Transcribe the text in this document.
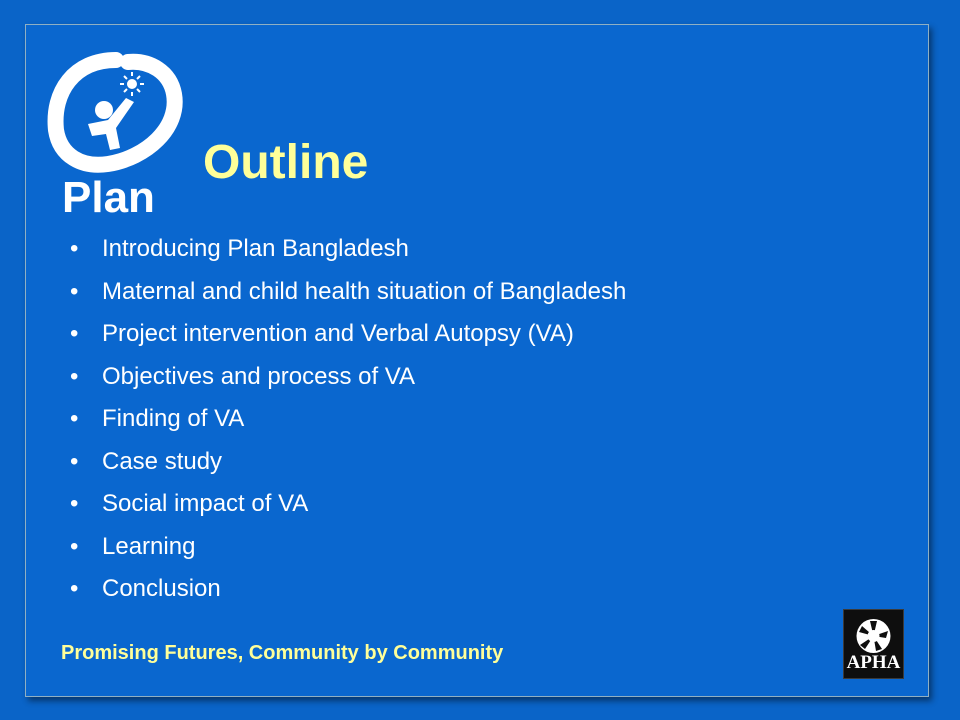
Plan
Outline
• Introducing Plan Bangladesh
• Maternal and child health situation of Bangladesh
• Project intervention and Verbal Autopsy (VA)
• Objectives and process of VA
• Finding of VA
• Case study
• Social impact of VA
• Learning
• Conclusion

Promising Futures, Community by Community	APHA
